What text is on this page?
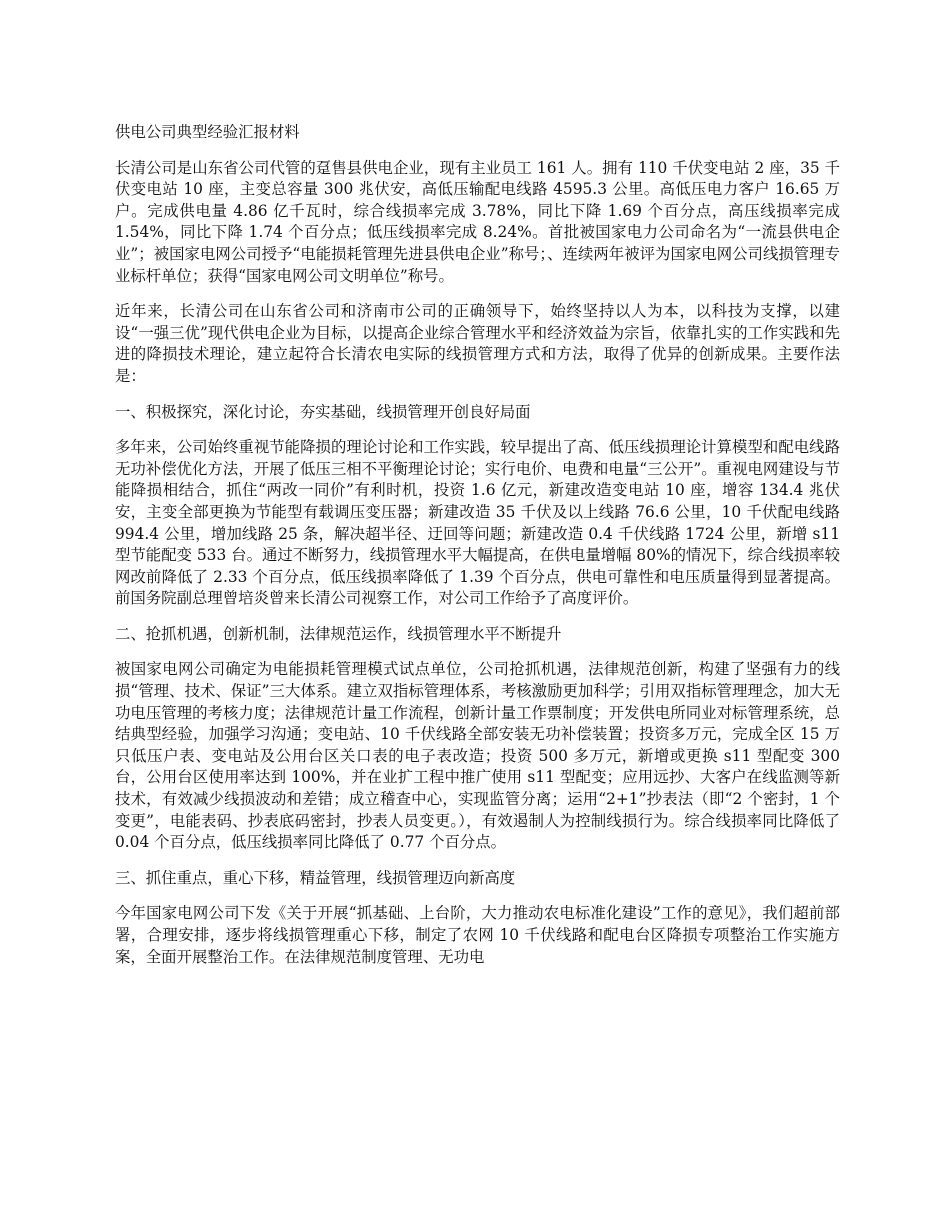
供电公司典型经验汇报材料

长清公司是山东省公司代管的趸售县供电企业，现有主业员工 161 人。拥有 110 千伏变电站 2 座，35 千伏变电站 10 座，主变总容量 300 兆伏安，高低压输配电线路 4595.3 公里。高低压电力客户 16.65 万户。完成供电量 4.86 亿千瓦时，综合线损率完成 3.78%，同比下降 1.69 个百分点，高压线损率完成 1.54%，同比下降 1.74 个百分点；低压线损率完成 8.24%。首批被国家电力公司命名为“一流县供电企业”；被国家电网公司授予“电能损耗管理先进县供电企业”称号；、连续两年被评为国家电网公司线损管理专业标杆单位；获得“国家电网公司文明单位”称号。

近年来，长清公司在山东省公司和济南市公司的正确领导下，始终坚持以人为本，以科技为支撑，以建设“一强三优”现代供电企业为目标，以提高企业综合管理水平和经济效益为宗旨，依靠扎实的工作实践和先进的降损技术理论，建立起符合长清农电实际的线损管理方式和方法，取得了优异的创新成果。主要作法是：

一、积极探究，深化讨论，夯实基础，线损管理开创良好局面

多年来，公司始终重视节能降损的理论讨论和工作实践，较早提出了高、低压线损理论计算模型和配电线路无功补偿优化方法，开展了低压三相不平衡理论讨论；实行电价、电费和电量“三公开”。重视电网建设与节能降损相结合，抓住“两改一同价”有利时机，投资 1.6 亿元，新建改造变电站 10 座，增容 134.4 兆伏安，主变全部更换为节能型有载调压变压器；新建改造 35 千伏及以上线路 76.6 公里，10 千伏配电线路 994.4 公里，增加线路 25 条，解决超半径、迂回等问题；新建改造 0.4 千伏线路 1724 公里，新增 s11 型节能配变 533 台。通过不断努力，线损管理水平大幅提高，在供电量增幅 80%的情况下，综合线损率较网改前降低了 2.33 个百分点，低压线损率降低了 1.39 个百分点，供电可靠性和电压质量得到显著提高。前国务院副总理曾培炎曾来长清公司视察工作，对公司工作给予了高度评价。

二、抢抓机遇，创新机制，法律规范运作，线损管理水平不断提升

被国家电网公司确定为电能损耗管理模式试点单位，公司抢抓机遇，法律规范创新，构建了坚强有力的线损“管理、技术、保证”三大体系。建立双指标管理体系，考核激励更加科学；引用双指标管理理念，加大无功电压管理的考核力度；法律规范计量工作流程，创新计量工作票制度；开发供电所同业对标管理系统，总结典型经验，加强学习沟通；变电站、10 千伏线路全部安装无功补偿装置；投资多万元，完成全区 15 万只低压户表、变电站及公用台区关口表的电子表改造；投资 500 多万元，新增或更换 s11 型配变 300 台，公用台区使用率达到 100%，并在业扩工程中推广使用 s11 型配变；应用远抄、大客户在线监测等新技术，有效减少线损波动和差错；成立稽查中心，实现监管分离；运用“2+1”抄表法（即“2 个密封，1 个变更”，电能表码、抄表底码密封，抄表人员变更。），有效遏制人为控制线损行为。综合线损率同比降低了 0.04 个百分点，低压线损率同比降低了 0.77 个百分点。

三、抓住重点，重心下移，精益管理，线损管理迈向新高度

今年国家电网公司下发《关于开展“抓基础、上台阶，大力推动农电标准化建设”工作的意见》，我们超前部署，合理安排，逐步将线损管理重心下移，制定了农网 10 千伏线路和配电台区降损专项整治工作实施方案，全面开展整治工作。在法律规范制度管理、无功电
